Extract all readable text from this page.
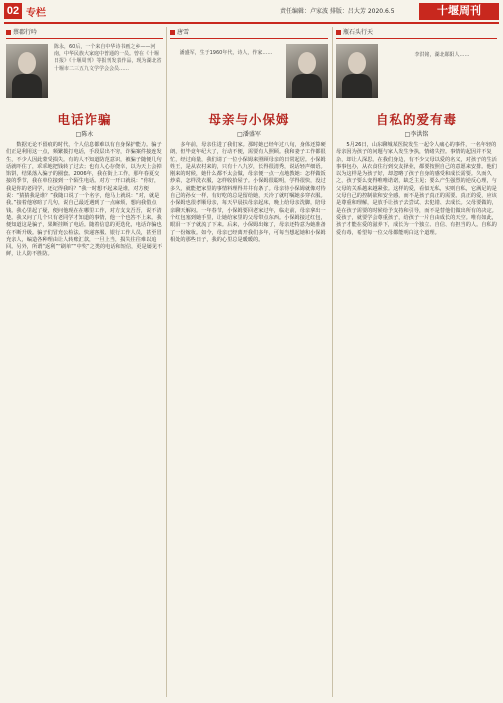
02 专栏	责任编辑：卢家波 排版：吕大芳 2020.6.5	十堰周刊
蔡郡行吟
陈永，60后，一个来自中华诗书画之乡——河南，中华民族大家庭中普通的一员。曾在《十堰日报》《十堰周刊》等报刊发表作品，现为湖北省十堰市二三五九文学学会会员……
电话诈骗
□陈永
数据无论不留痕的时代，个人信息都难以有自身保护能力。骗子们正是利用这一点，频繁拨打电话，手段层出不穷，诈骗案件接连发生，不少人因此蒙受损失。有的人不知道防范意识，被骗子随便几句话就吓住了，乖乖地把钱转了过去；也有人心存侥幸，以为天上会掉馅饼，结果落入骗子的圈套。2006年，我在街上工作，那年春夏交接的季节，我在单位接到一个陌生电话。对方一开口就说：“你好，我是你的老同学，还记得我吗？”我一时想不起来是谁，对方便说：“猜猜我是谁？”我随口说了一个名字，他马上就说：“对，就是我。”接着他寒暄了几句，说自己最近遇到了一点麻烦，想向我借点钱。我心里起了疑，便问他现在在哪里工作，对方支支吾吾，说不清楚。我又问了几个只有老同学才知道的事情，他一个也答不上来。我便知道这是骗子，果断挂断了电话。随着信息的更迭化，电话诈骗也在不断升级。骗子们冒充公检法、快递客服、银行工作人员，甚至冒充亲人，编造各种理由让人转账汇款，一旦上当，损失往往难以追回。另外，所谓“返利”“刷单”“中奖”之类的电话和短信，更是屡见不鲜，让人防不胜防。
唐雪
潘盛军，生于1960年代，诗人，作家……
母亲与小保姆
□潘盛军
多年前，母亲住进了我们家。那时她已经年过八旬，身体还算硬朗，但毕竟年纪大了，行动不便，需要有人照顾。我和妻子工作都很忙，经过商量，我们请了一位小保姆来照顾母亲的日常起居。小保姆姓王，是从农村来的，只有十八九岁，长得很清秀，说话轻声细语。刚来的时候，她什么都不太会做，母亲便一点一点地教她：怎样做饭炒菜，怎样洗衣服，怎样收拾屋子。小保姆很聪明，学得很快，没过多久，就能把家里的事情料理得井井有条了。母亲待小保姆就像对待自己的孙女一样，有好吃的总是留给她，天冷了就叮嘱她多穿衣服。小保姆也很孝顺母亲，每天早晨扶母亲起床，晚上给母亲洗脚，陪母亲聊天解闷。一年春节，小保姆要回老家过年，临走前，母亲拿出一个红包塞到她手里，让她给家里的父母带点东西。小保姆接过红包，眼泪一下子就流了下来。后来，小保姆出嫁了，母亲还特意为她准备了一份嫁妆。如今，母亲已经离开我们多年，可每当想起她和小保姆相处的那些日子，我的心里总是暖暖的。
瓶石头行天
李洪铭，湖北郧阳人……
自私的爱有毒
□李洪铭
5月26日，山东聊城某医院发生一起令人痛心的事件，一名年轻的母亲因为孩子的问题与家人发生争执，情绪失控。事情的起因并不复杂，却让人深思。在我们身边，有不少父母以爱的名义，对孩子的生活事事包办，从衣食住行到交友择业，都要按照自己的意愿来安排。他们以为这样是为孩子好，却忽略了孩子自身的感受和成长需要。久而久之，孩子要么变得唯唯诺诺，缺乏主见；要么产生强烈的逆反心理，与父母的关系越来越紧张。这样的爱，看似无私，实则自私，它满足的是父母自己的控制欲和安全感，而不是孩子真正的需要。真正的爱，应该是尊重和理解，是放手让孩子去尝试、去犯错、去成长。父母要做的，是在孩子需要的时候给予支持和引导，而不是替他们做出所有的决定。爱孩子，就要学会尊重孩子，给孩子一片自由成长的天空。唯有如此，孩子才能在爱的滋养下，成长为一个独立、自信、有担当的人。自私的爱有毒，希望每一位父母都能明白这个道理。
